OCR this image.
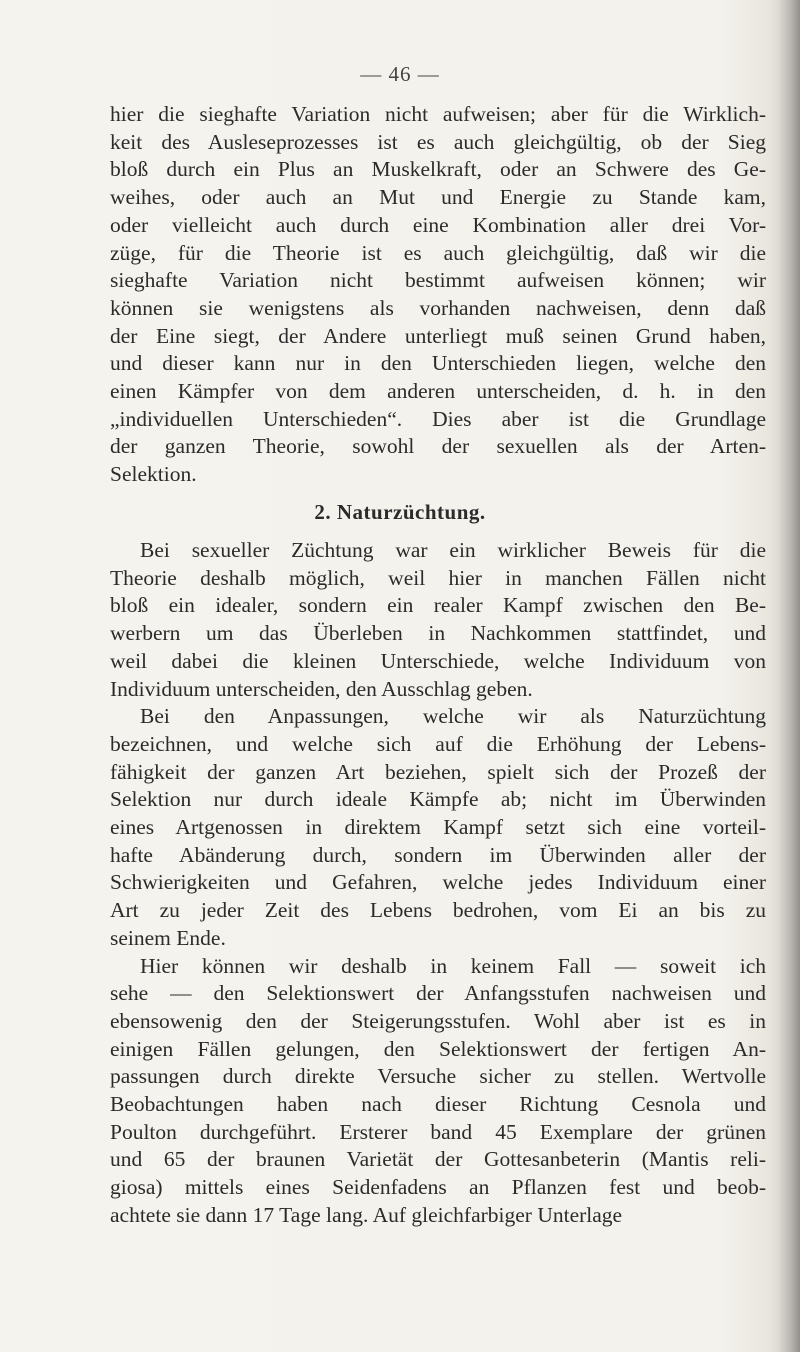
— 46 —
hier die sieghafte Variation nicht aufweisen; aber für die Wirklich-
keit des Ausleseprozesses ist es auch gleichgültig, ob der Sieg
bloß durch ein Plus an Muskelkraft, oder an Schwere des Ge-
weihes, oder auch an Mut und Energie zu Stande kam,
oder vielleicht auch durch eine Kombination aller drei Vor-
züge, für die Theorie ist es auch gleichgültig, daß wir die
sieghafte Variation nicht bestimmt aufweisen können; wir
können sie wenigstens als vorhanden nachweisen, denn daß
der Eine siegt, der Andere unterliegt muß seinen Grund haben,
und dieser kann nur in den Unterschieden liegen, welche den
einen Kämpfer von dem anderen unterscheiden, d. h. in den
„individuellen Unterschieden“. Dies aber ist die Grundlage
der ganzen Theorie, sowohl der sexuellen als der Arten-
Selektion.
2. Naturzüchtung.
Bei sexueller Züchtung war ein wirklicher Beweis für die
Theorie deshalb möglich, weil hier in manchen Fällen nicht
bloß ein idealer, sondern ein realer Kampf zwischen den Be-
werbern um das Überleben in Nachkommen stattfindet, und
weil dabei die kleinen Unterschiede, welche Individuum von
Individuum unterscheiden, den Ausschlag geben.
Bei den Anpassungen, welche wir als Naturzüchtung
bezeichnen, und welche sich auf die Erhöhung der Lebens-
fähigkeit der ganzen Art beziehen, spielt sich der Prozeß der
Selektion nur durch ideale Kämpfe ab; nicht im Überwinden
eines Artgenossen in direktem Kampf setzt sich eine vorteil-
hafte Abänderung durch, sondern im Überwinden aller der
Schwierigkeiten und Gefahren, welche jedes Individuum einer
Art zu jeder Zeit des Lebens bedrohen, vom Ei an bis zu
seinem Ende.
Hier können wir deshalb in keinem Fall — soweit ich
sehe — den Selektionswert der Anfangsstufen nachweisen und
ebensowenig den der Steigerungsstufen. Wohl aber ist es in
einigen Fällen gelungen, den Selektionswert der fertigen An-
passungen durch direkte Versuche sicher zu stellen. Wertvolle
Beobachtungen haben nach dieser Richtung Cesnola und
Poulton durchgeführt. Ersterer band 45 Exemplare der grünen
und 65 der braunen Varietät der Gottesanbeterin (Mantis reli-
giosa) mittels eines Seidenfadens an Pflanzen fest und beob-
achtete sie dann 17 Tage lang. Auf gleichfarbiger Unterlage
